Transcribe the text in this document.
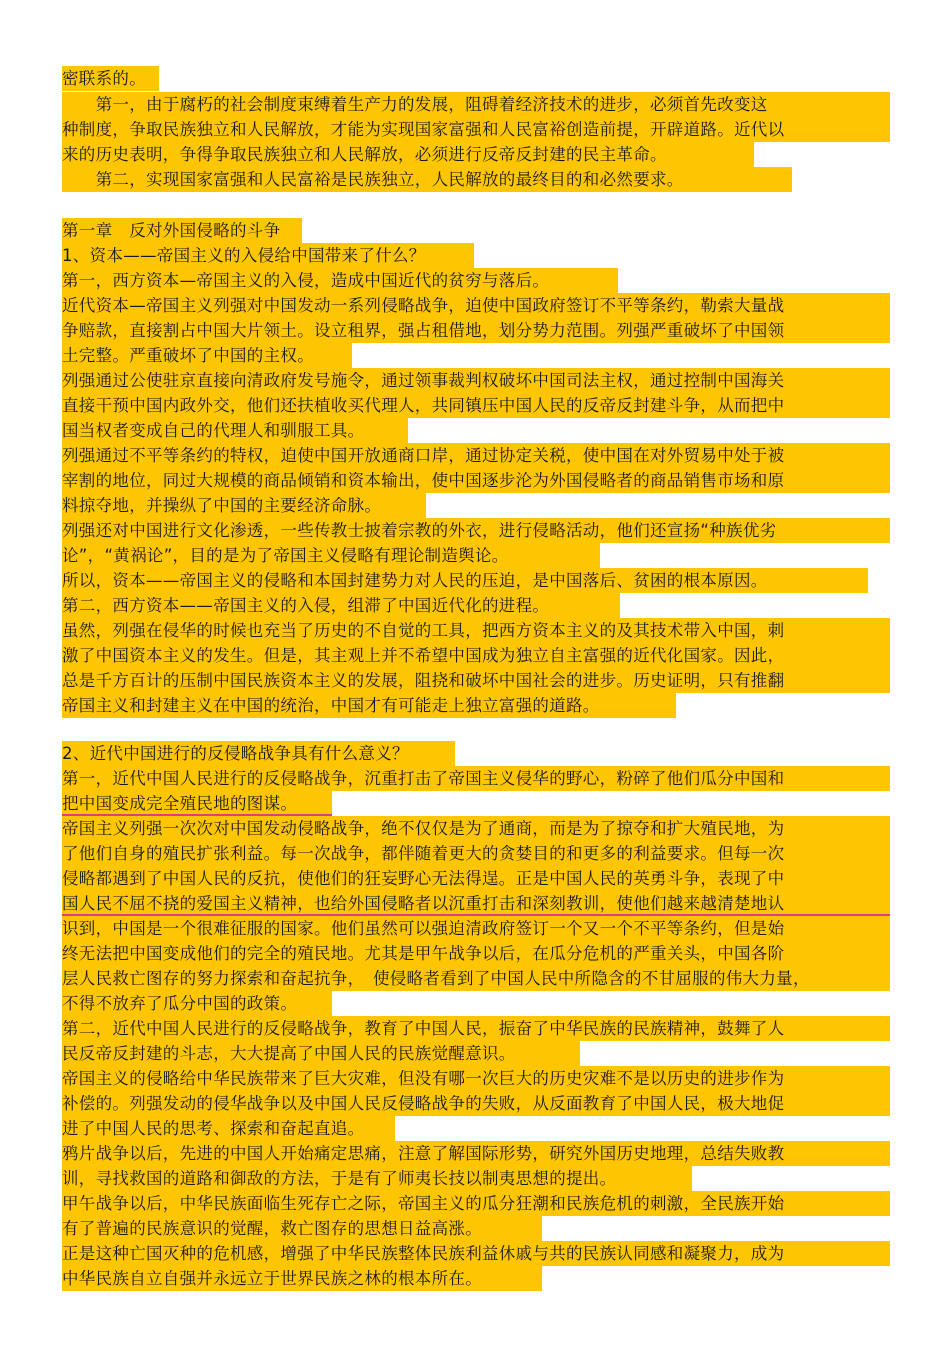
密联系的。
　　第一，由于腐朽的社会制度束缚着生产力的发展，阻碍着经济技术的进步，必须首先改变这
种制度，争取民族独立和人民解放，才能为实现国家富强和人民富裕创造前提，开辟道路。近代以
来的历史表明，争得争取民族独立和人民解放，必须进行反帝反封建的民主革命。
　　第二，实现国家富强和人民富裕是民族独立，人民解放的最终目的和必然要求。
第一章　反对外国侵略的斗争
1、资本——帝国主义的入侵给中国带来了什么？
第一，西方资本—帝国主义的入侵，造成中国近代的贫穷与落后。
近代资本—帝国主义列强对中国发动一系列侵略战争，迫使中国政府签订不平等条约，勒索大量战
争赔款，直接割占中国大片领土。设立租界，强占租借地，划分势力范围。列强严重破坏了中国领
土完整。严重破坏了中国的主权。
列强通过公使驻京直接向清政府发号施令，通过领事裁判权破坏中国司法主权，通过控制中国海关
直接干预中国内政外交，他们还扶植收买代理人，共同镇压中国人民的反帝反封建斗争，从而把中
国当权者变成自己的代理人和驯服工具。
列强通过不平等条约的特权，迫使中国开放通商口岸，通过协定关税，使中国在对外贸易中处于被
宰割的地位，同过大规模的商品倾销和资本输出，使中国逐步沦为外国侵略者的商品销售市场和原
料掠夺地，并操纵了中国的主要经济命脉。
列强还对中国进行文化渗透，一些传教士披着宗教的外衣，进行侵略活动，他们还宣扬“种族优劣
论”，“黄祸论”，目的是为了帝国主义侵略有理论制造舆论。
所以，资本——帝国主义的侵略和本国封建势力对人民的压迫，是中国落后、贫困的根本原因。
第二，西方资本——帝国主义的入侵，组滞了中国近代化的进程。
虽然，列强在侵华的时候也充当了历史的不自觉的工具，把西方资本主义的及其技术带入中国，刺
激了中国资本主义的发生。但是，其主观上并不希望中国成为独立自主富强的近代化国家。因此，
总是千方百计的压制中国民族资本主义的发展，阻挠和破坏中国社会的进步。历史证明，只有推翻
帝国主义和封建主义在中国的统治，中国才有可能走上独立富强的道路。
2、近代中国进行的反侵略战争具有什么意义？
第一，近代中国人民进行的反侵略战争，沉重打击了帝国主义侵华的野心，粉碎了他们瓜分中国和
把中国变成完全殖民地的图谋。
帝国主义列强一次次对中国发动侵略战争，绝不仅仅是为了通商，而是为了掠夺和扩大殖民地，为
了他们自身的殖民扩张利益。每一次战争，都伴随着更大的贪婪目的和更多的利益要求。但每一次
侵略都遇到了中国人民的反抗，使他们的狂妄野心无法得逞。正是中国人民的英勇斗争，表现了中
国人民不屈不挠的爱国主义精神，也给外国侵略者以沉重打击和深刻教训，使他们越来越清楚地认
识到，中国是一个很难征服的国家。他们虽然可以强迫清政府签订一个又一个不平等条约，但是始
终无法把中国变成他们的完全的殖民地。尤其是甲午战争以后，在瓜分危机的严重关头，中国各阶
层人民救亡图存的努力探索和奋起抗争，　使侵略者看到了中国人民中所隐含的不甘屈服的伟大力量，
不得不放弃了瓜分中国的政策。
第二，近代中国人民进行的反侵略战争，教育了中国人民，振奋了中华民族的民族精神，鼓舞了人
民反帝反封建的斗志，大大提高了中国人民的民族觉醒意识。
帝国主义的侵略给中华民族带来了巨大灾难，但没有哪一次巨大的历史灾难不是以历史的进步作为
补偿的。列强发动的侵华战争以及中国人民反侵略战争的失败，从反面教育了中国人民，极大地促
进了中国人民的思考、探索和奋起直追。
鸦片战争以后，先进的中国人开始痛定思痛，注意了解国际形势，研究外国历史地理，总结失败教
训，寻找救国的道路和御敌的方法，于是有了师夷长技以制夷思想的提出。
甲午战争以后，中华民族面临生死存亡之际，帝国主义的瓜分狂潮和民族危机的刺激，全民族开始
有了普遍的民族意识的觉醒，救亡图存的思想日益高涨。
正是这种亡国灭种的危机感，增强了中华民族整体民族利益休戚与共的民族认同感和凝聚力，成为
中华民族自立自强并永远立于世界民族之林的根本所在。
